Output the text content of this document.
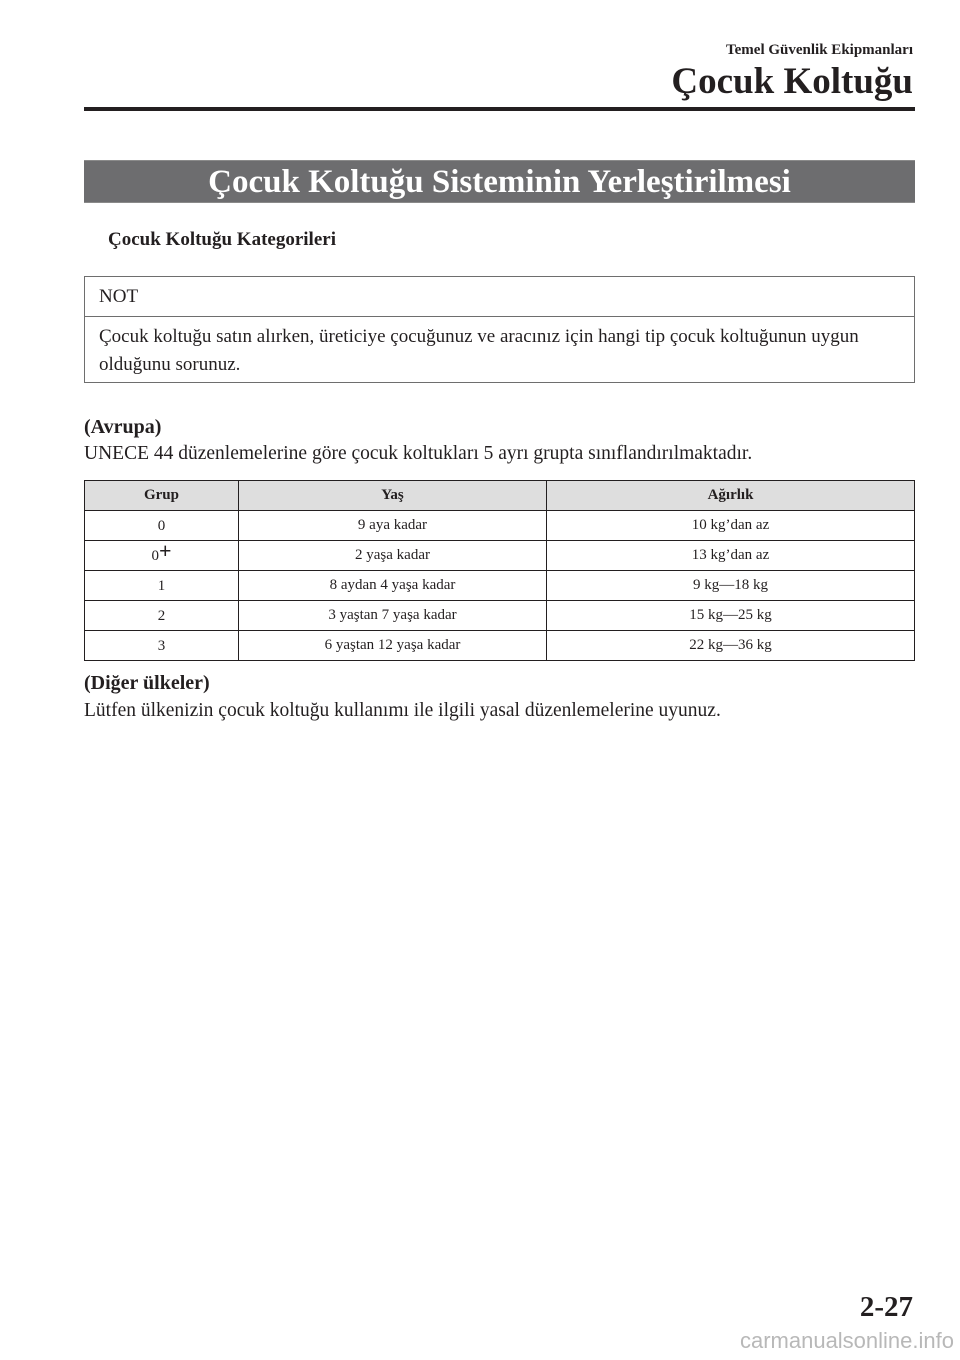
Temel Güvenlik Ekipmanları
Çocuk Koltuğu
Çocuk Koltuğu Sisteminin Yerleştirilmesi
Çocuk Koltuğu Kategorileri
NOT
Çocuk koltuğu satın alırken, üreticiye çocuğunuz ve aracınız için hangi tip çocuk koltuğunun uygun olduğunu sorunuz.
(Avrupa)
UNECE 44 düzenlemelerine göre çocuk koltukları 5 ayrı grupta sınıflandırılmaktadır.
Grup	Yaş	Ağırlık
0	9 aya kadar	10 kg’dan az
0+	2 yaşa kadar	13 kg’dan az
1	8 aydan 4 yaşa kadar	9 kg—18 kg
2	3 yaştan 7 yaşa kadar	15 kg—25 kg
3	6 yaştan 12 yaşa kadar	22 kg—36 kg
(Diğer ülkeler)
Lütfen ülkenizin çocuk koltuğu kullanımı ile ilgili yasal düzenlemelerine uyunuz.
2-27
carmanualsonline.info
